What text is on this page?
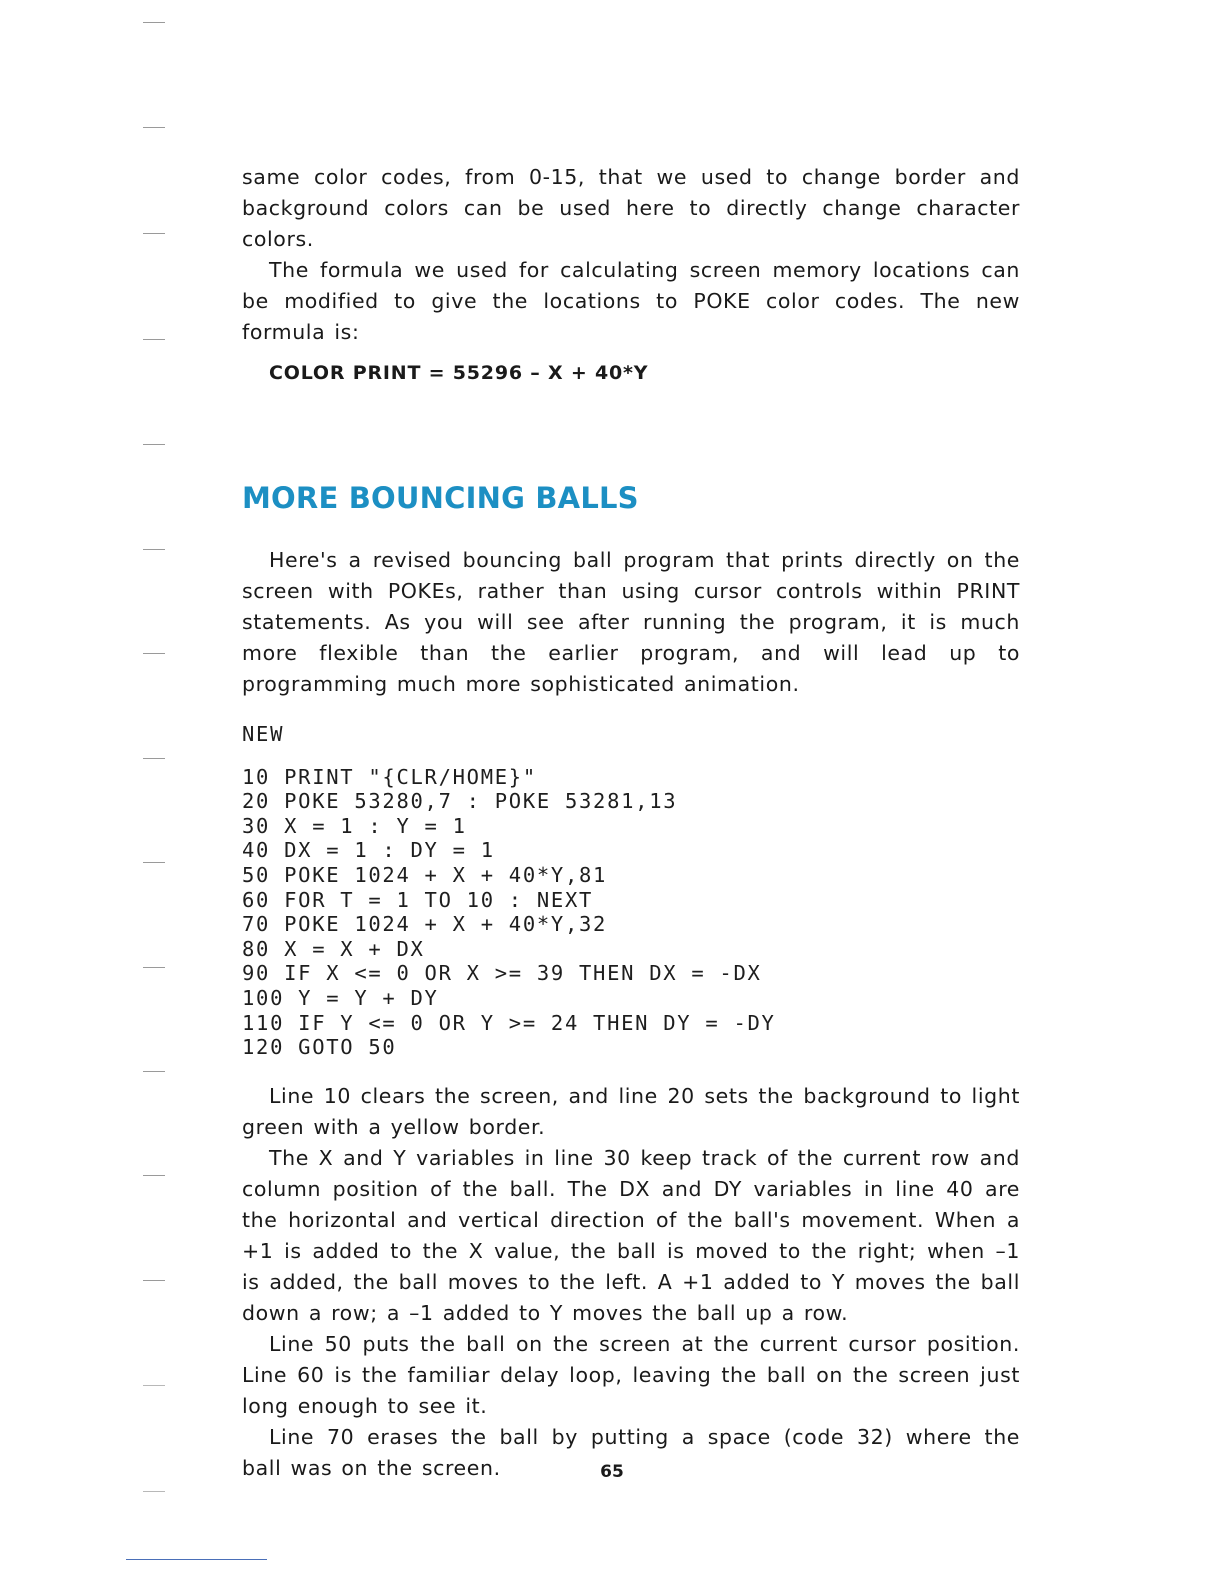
same color codes, from 0-15, that we used to change border and background colors can be used here to directly change character colors.

The formula we used for calculating screen memory locations can be modified to give the locations to POKE color codes. The new formula is:

COLOR PRINT = 55296 – X + 40*Y
MORE BOUNCING BALLS

Here's a revised bouncing ball program that prints directly on the screen with POKEs, rather than using cursor controls within PRINT statements. As you will see after running the program, it is much more flexible than the earlier program, and will lead up to programming much more sophisticated animation.

NEW
10 PRINT "{CLR/HOME}"
20 POKE 53280,7 : POKE 53281,13
30 X = 1 : Y = 1
40 DX = 1 : DY = 1
50 POKE 1024 + X + 40*Y,81
60 FOR T = 1 TO 10 : NEXT
70 POKE 1024 + X + 40*Y,32
80 X = X + DX
90 IF X <= 0 OR X >= 39 THEN DX = -DX
100 Y = Y + DY
110 IF Y <= 0 OR Y >= 24 THEN DY = -DY
120 GOTO 50

Line 10 clears the screen, and line 20 sets the background to light green with a yellow border.

The X and Y variables in line 30 keep track of the current row and column position of the ball. The DX and DY variables in line 40 are the horizontal and vertical direction of the ball's movement. When a +1 is added to the X value, the ball is moved to the right; when –1 is added, the ball moves to the left. A +1 added to Y moves the ball down a row; a –1 added to Y moves the ball up a row.

Line 50 puts the ball on the screen at the current cursor position. Line 60 is the familiar delay loop, leaving the ball on the screen just long enough to see it.

Line 70 erases the ball by putting a space (code 32) where the ball was on the screen.	65
